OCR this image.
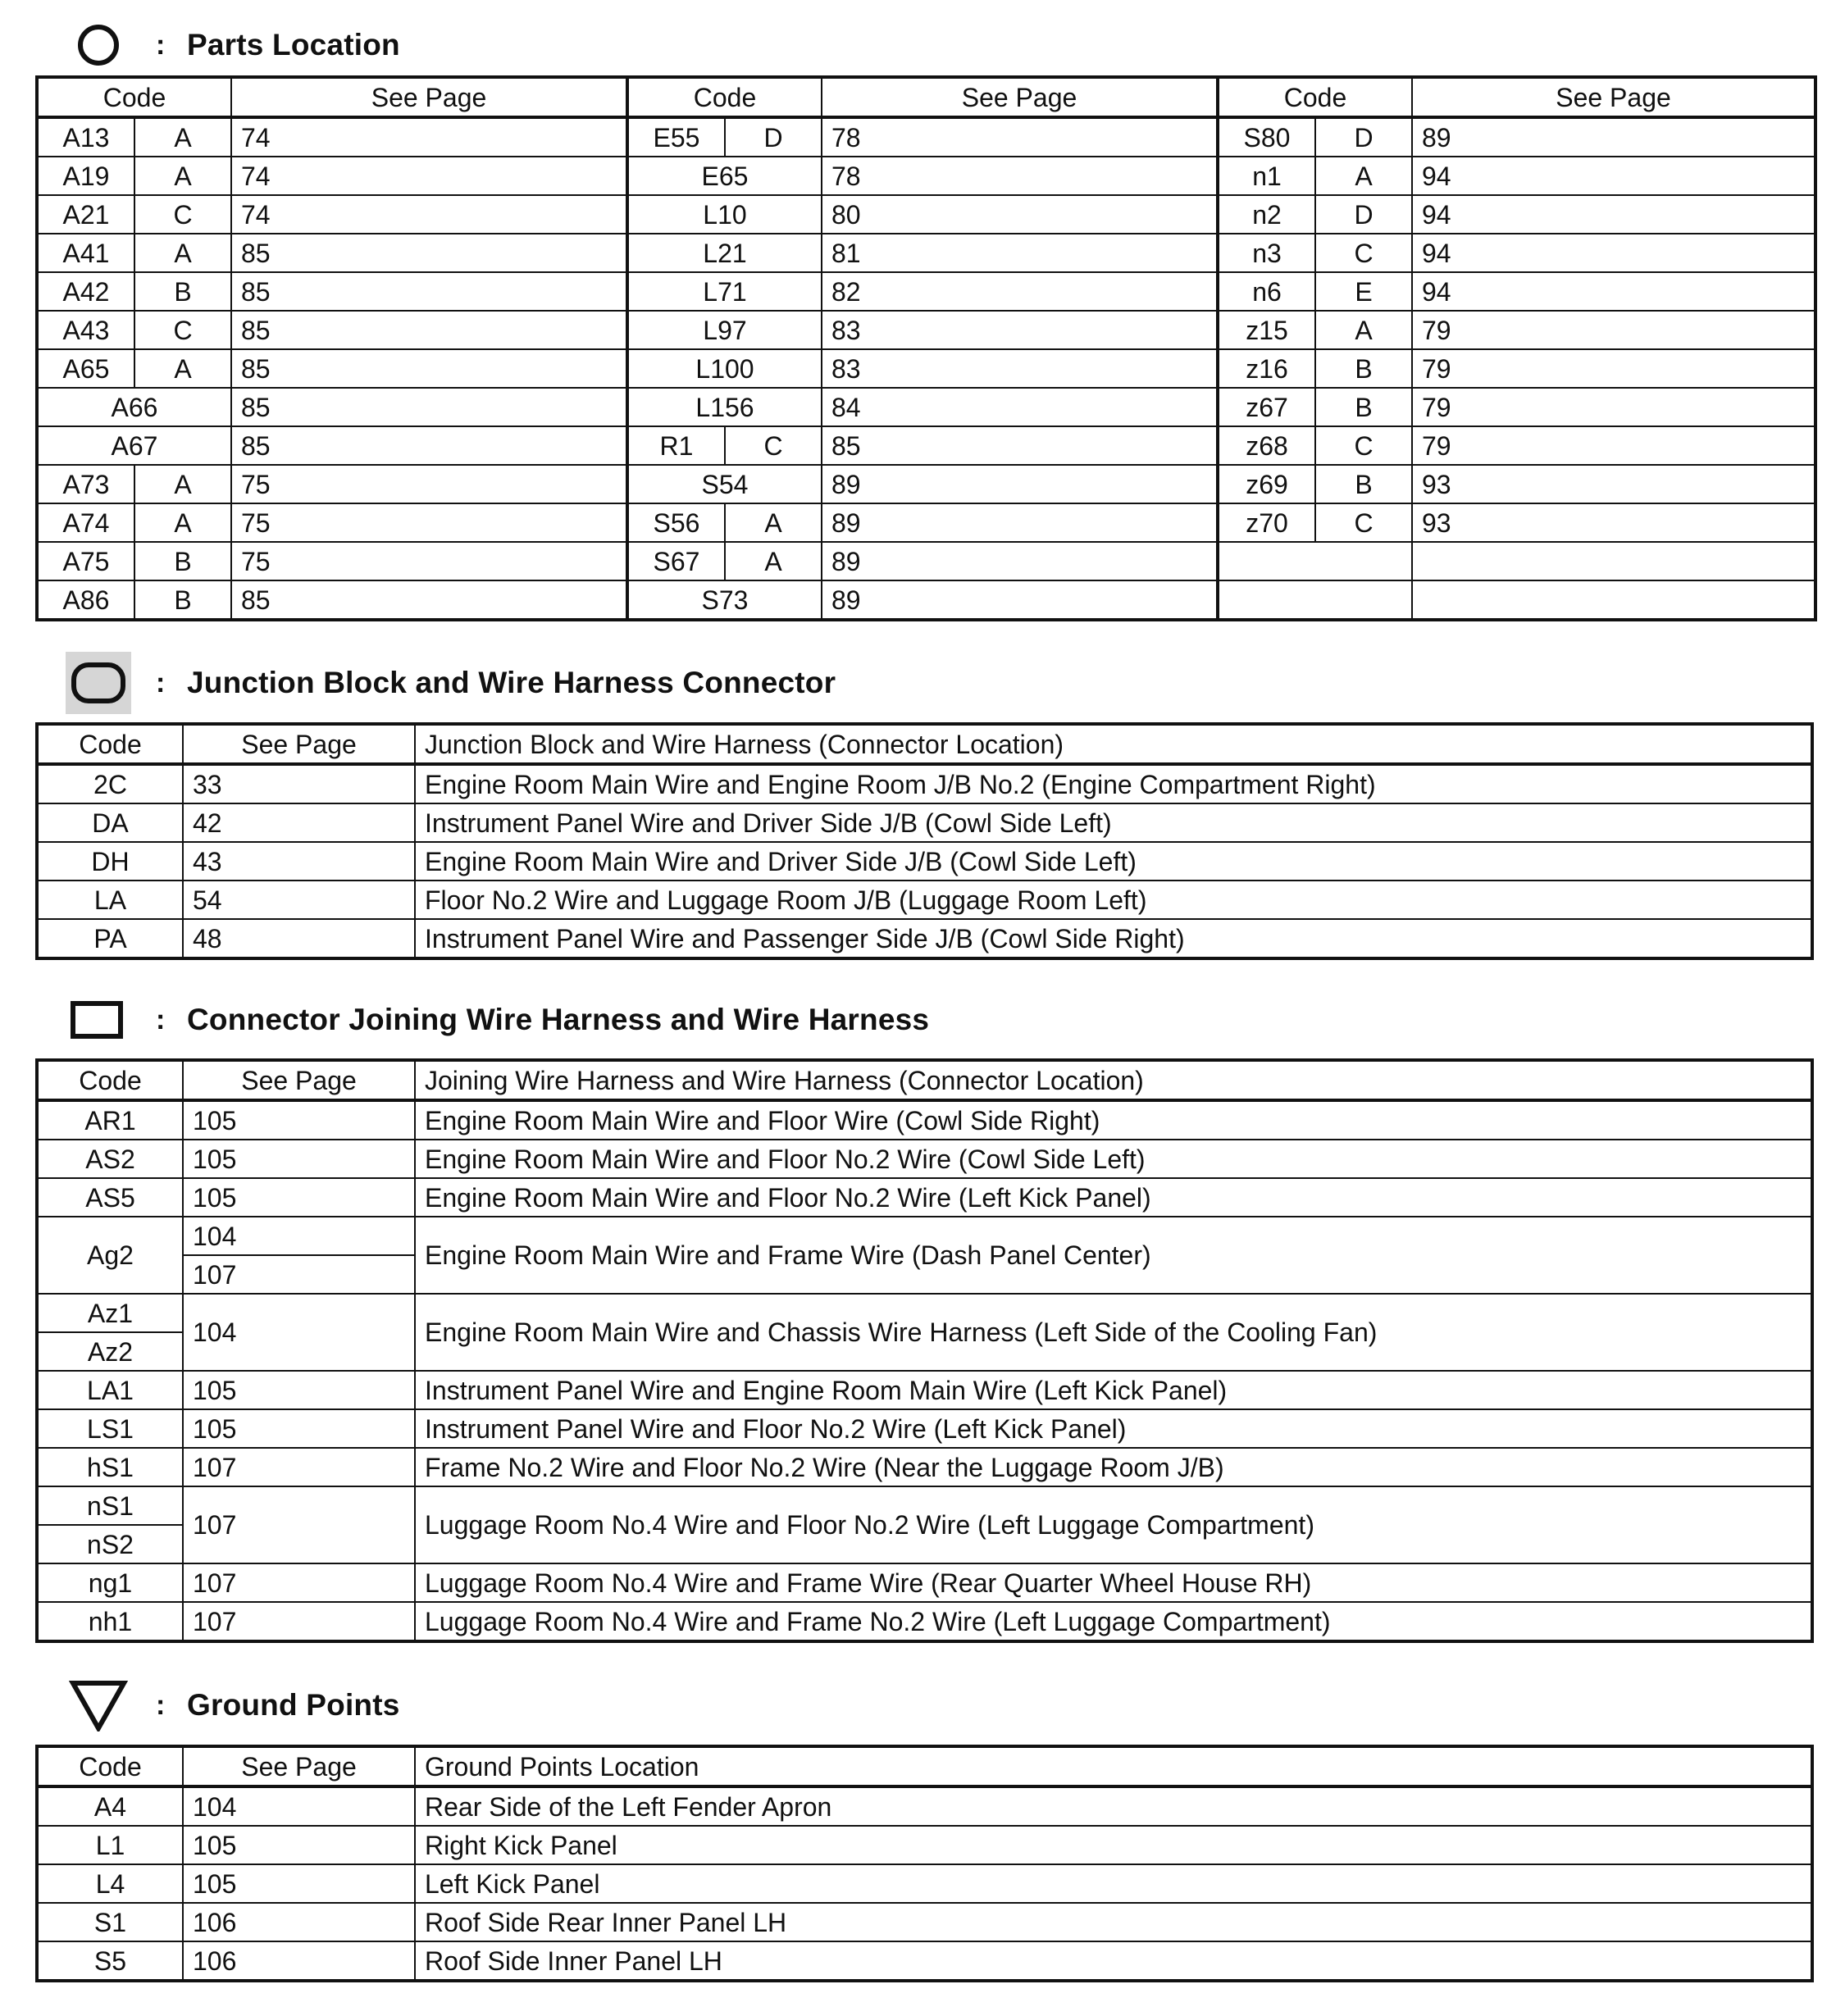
: Parts Location
Code		See Page	Code		See Page	Code		See Page
A13	A	74	E55	D	78	S80	D	89
A19	A	74	E65		78	n1	A	94
A21	C	74	L10		80	n2	D	94
A41	A	85	L21		81	n3	C	94
A42	B	85	L71		82	n6	E	94
A43	C	85	L97		83	z15	A	79
A65	A	85	L100		83	z16	B	79
A66		85	L156		84	z67	B	79
A67		85	R1	C	85	z68	C	79
A73	A	75	S54		89	z69	B	93
A74	A	75	S56	A	89	z70	C	93
A75	B	75	S67	A	89			
A86	B	85	S73		89			
: Junction Block and Wire Harness Connector
Code	See Page	Junction Block and Wire Harness (Connector Location)
2C	33	Engine Room Main Wire and Engine Room J/B No.2 (Engine Compartment Right)
DA	42	Instrument Panel Wire and Driver Side J/B (Cowl Side Left)
DH	43	Engine Room Main Wire and Driver Side J/B (Cowl Side Left)
LA	54	Floor No.2 Wire and Luggage Room J/B (Luggage Room Left)
PA	48	Instrument Panel Wire and Passenger Side J/B (Cowl Side Right)
: Connector Joining Wire Harness and Wire Harness
Code	See Page	Joining Wire Harness and Wire Harness (Connector Location)
AR1	105	Engine Room Main Wire and Floor Wire (Cowl Side Right)
AS2	105	Engine Room Main Wire and Floor No.2 Wire (Cowl Side Left)
AS5	105	Engine Room Main Wire and Floor No.2 Wire (Left Kick Panel)
Ag2	104	Engine Room Main Wire and Frame Wire (Dash Panel Center)
	107	
Az1	104	Engine Room Main Wire and Chassis Wire Harness (Left Side of the Cooling Fan)
Az2		
LA1	105	Instrument Panel Wire and Engine Room Main Wire (Left Kick Panel)
LS1	105	Instrument Panel Wire and Floor No.2 Wire (Left Kick Panel)
hS1	107	Frame No.2 Wire and Floor No.2 Wire (Near the Luggage Room J/B)
nS1	107	Luggage Room No.4 Wire and Floor No.2 Wire (Left Luggage Compartment)
nS2		
ng1	107	Luggage Room No.4 Wire and Frame Wire (Rear Quarter Wheel House RH)
nh1	107	Luggage Room No.4 Wire and Frame No.2 Wire (Left Luggage Compartment)
: Ground Points
Code	See Page	Ground Points Location
A4	104	Rear Side of the Left Fender Apron
L1	105	Right Kick Panel
L4	105	Left Kick Panel
S1	106	Roof Side Rear Inner Panel LH
S5	106	Roof Side Inner Panel LH
